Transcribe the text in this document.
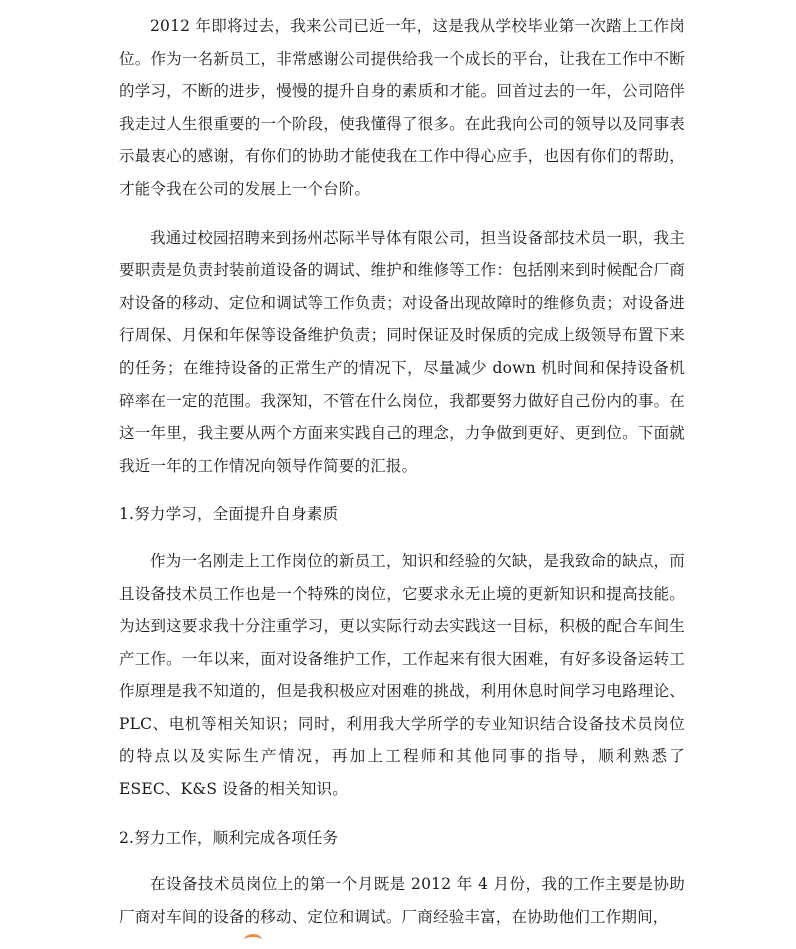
2012 年即将过去，我来公司已近一年，这是我从学校毕业第一次踏上工作岗位。作为一名新员工，非常感谢公司提供给我一个成长的平台，让我在工作中不断的学习，不断的进步，慢慢的提升自身的素质和才能。回首过去的一年，公司陪伴我走过人生很重要的一个阶段，使我懂得了很多。在此我向公司的领导以及同事表示最衷心的感谢，有你们的协助才能使我在工作中得心应手，也因有你们的帮助，才能令我在公司的发展上一个台阶。

我通过校园招聘来到扬州芯际半导体有限公司，担当设备部技术员一职，我主要职责是负责封装前道设备的调试、维护和维修等工作：包括刚来到时候配合厂商对设备的移动、定位和调试等工作负责；对设备出现故障时的维修负责；对设备进行周保、月保和年保等设备维护负责；同时保证及时保质的完成上级领导布置下来的任务；在维持设备的正常生产的情况下，尽量减少 down 机时间和保持设备机碎率在一定的范围。我深知，不管在什么岗位，我都要努力做好自己份内的事。在这一年里，我主要从两个方面来实践自己的理念，力争做到更好、更到位。下面就我近一年的工作情况向领导作简要的汇报。

1.努力学习，全面提升自身素质

作为一名刚走上工作岗位的新员工，知识和经验的欠缺，是我致命的缺点，而且设备技术员工作也是一个特殊的岗位，它要求永无止境的更新知识和提高技能。为达到这要求我十分注重学习，更以实际行动去实践这一目标，积极的配合车间生产工作。一年以来，面对设备维护工作，工作起来有很大困难，有好多设备运转工作原理是我不知道的，但是我积极应对困难的挑战，利用休息时间学习电路理论、PLC、电机等相关知识；同时，利用我大学所学的专业知识结合设备技术员岗位的特点以及实际生产情况，再加上工程师和其他同事的指导，顺利熟悉了 ESEC、K&S 设备的相关知识。

2.努力工作，顺利完成各项任务

在设备技术员岗位上的第一个月既是 2012 年 4 月份，我的工作主要是协助厂商对车间的设备的移动、定位和调试。厂商经验丰富，在协助他们工作期间，
